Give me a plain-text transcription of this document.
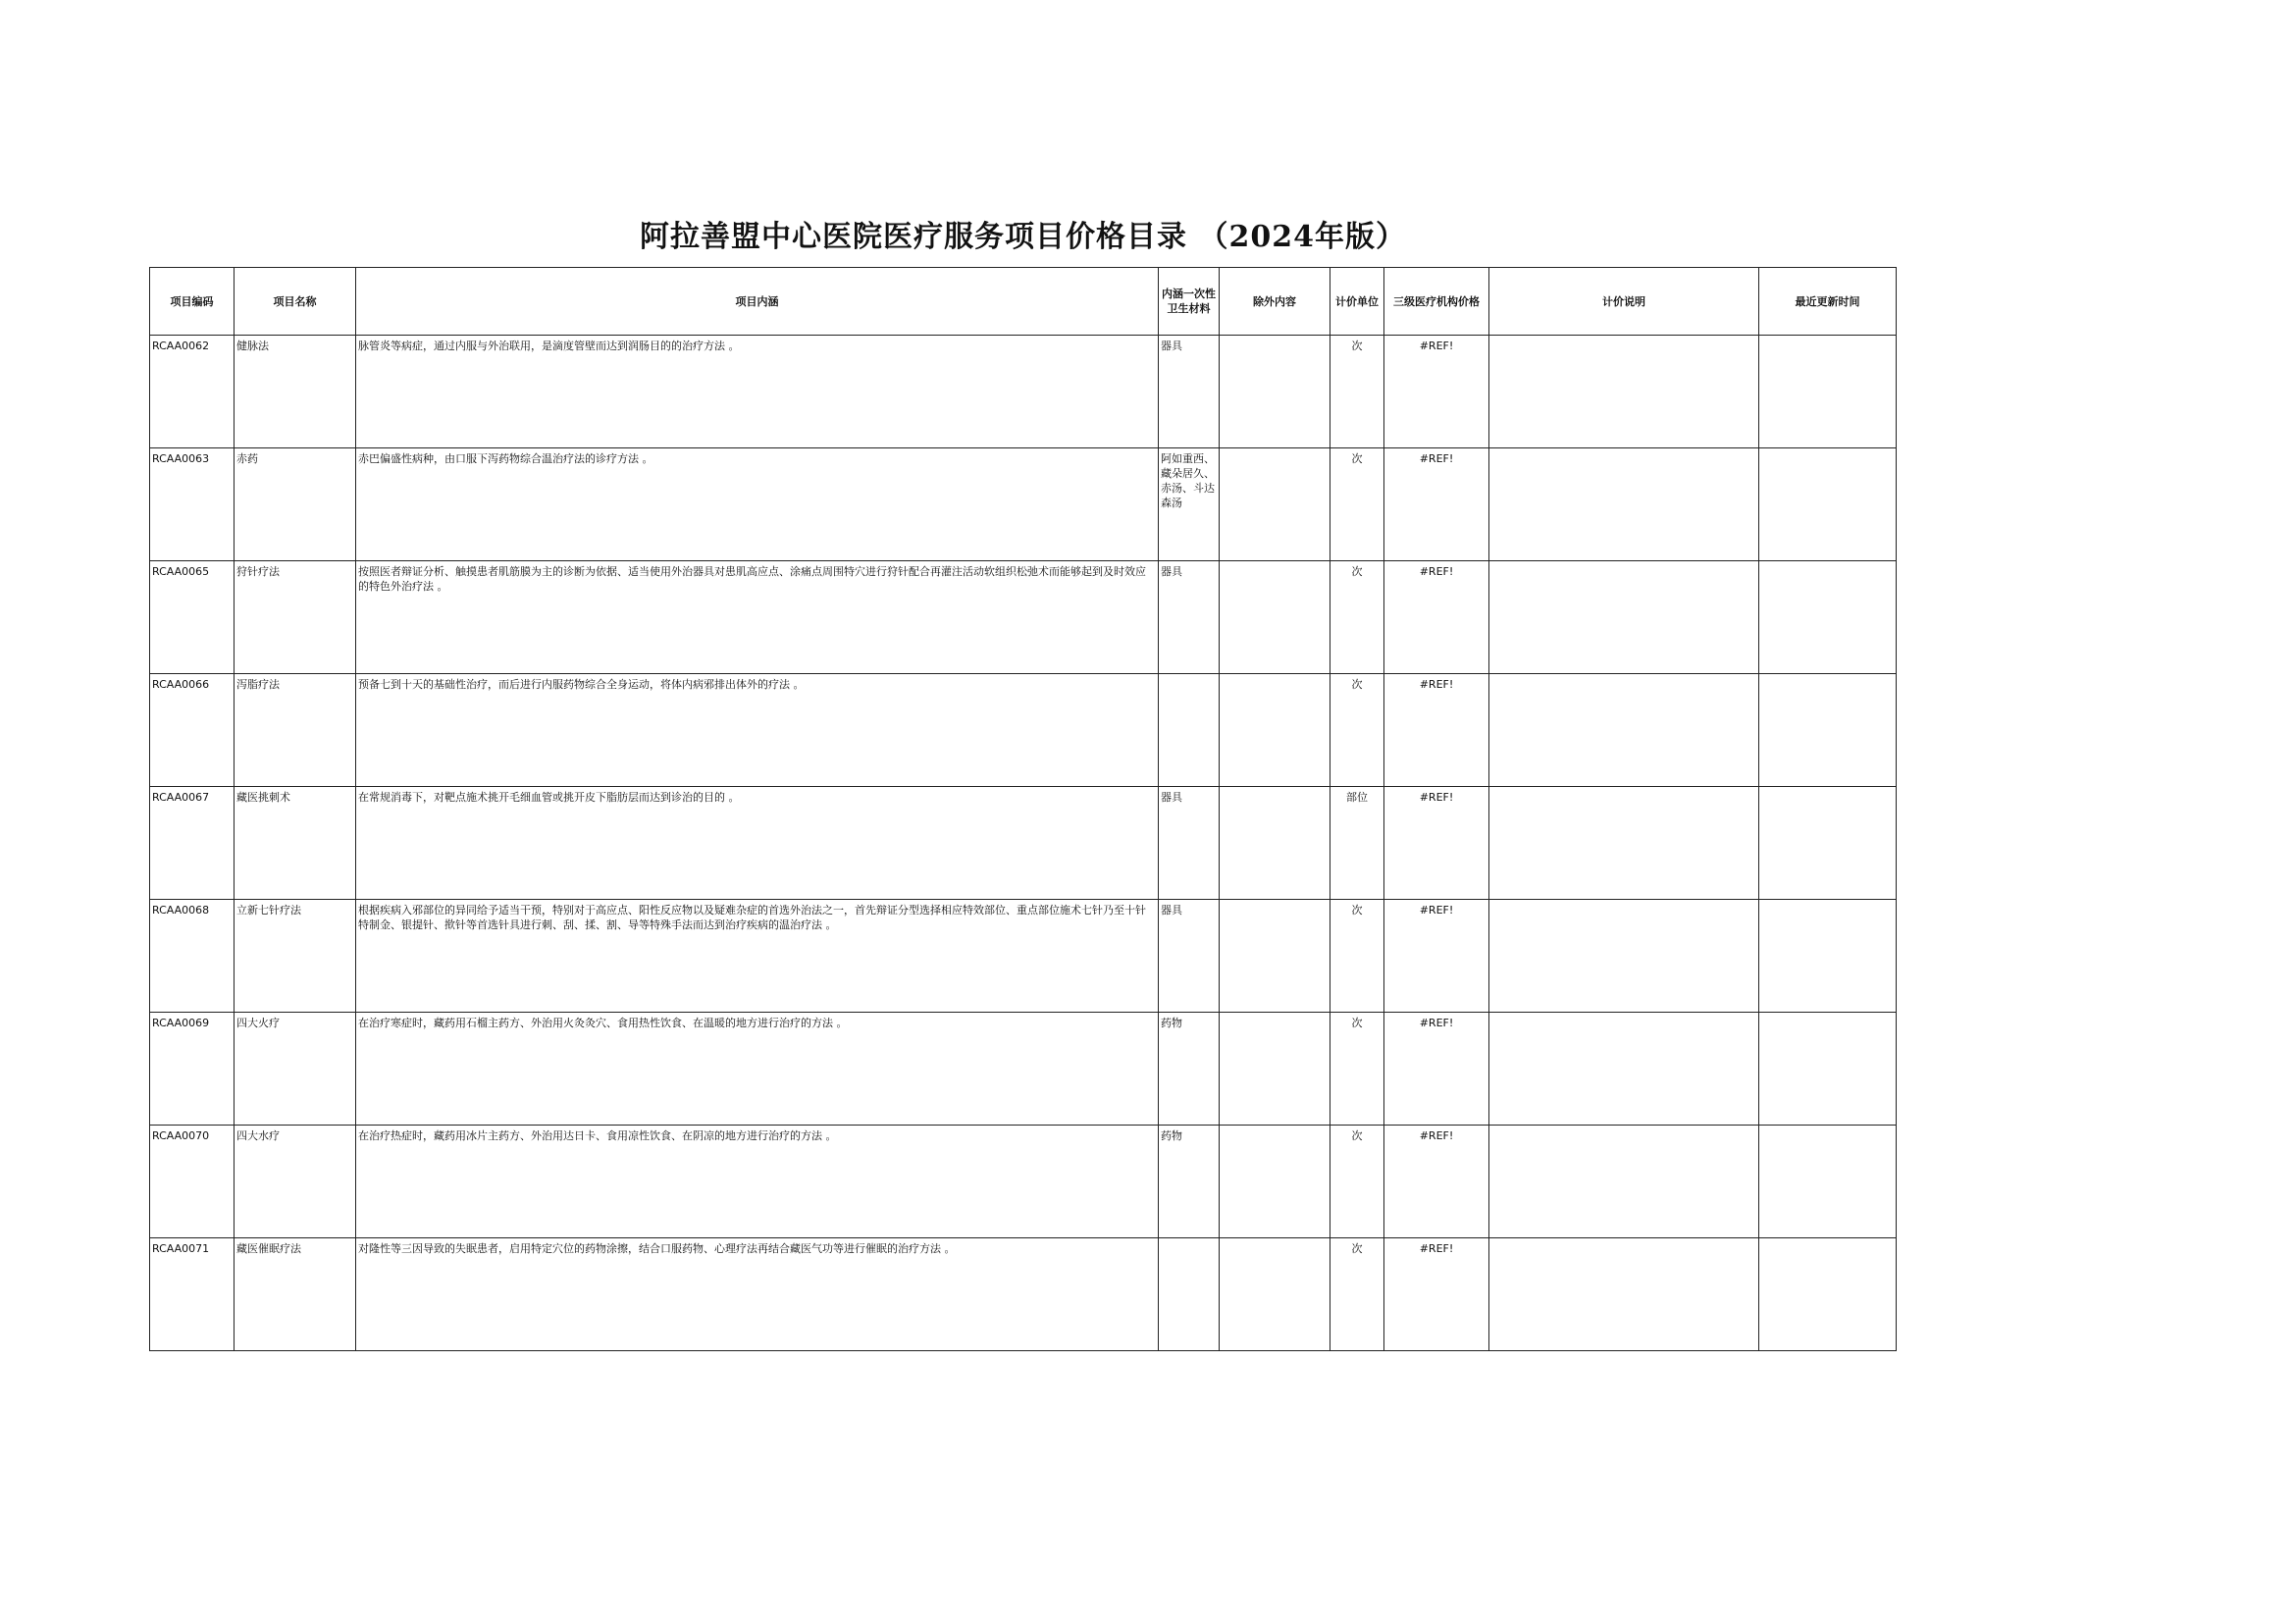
阿拉善盟中心医院医疗服务项目价格目录 （2024年版）
项目编码	项目名称	项目内涵	内涵一次性卫生材料	除外内容	计价单位	三级医疗机构价格	计价说明	最近更新时间
RCAA0062	健脉法	脉管炎等病症，通过内服与外治联用，是滴度管壁而达到润肠目的的治疗方法 。	器具		次	#REF!		
RCAA0063	赤药	赤巴偏盛性病种，由口服下泻药物综合温治疗法的诊疗方法 。	阿如重西、藏朵居久、赤汤、斗达森汤		次	#REF!		
RCAA0065	狩针疗法	按照医者辩证分析、触摸患者肌筋膜为主的诊断为依据、适当使用外治器具对患肌高应点、涂痛点周围特穴进行狩针配合再灌注活动软组织松弛术而能够起到及时效应的特色外治疗法 。	器具		次	#REF!		
RCAA0066	泻脂疗法	预备七到十天的基础性治疗，而后进行内服药物综合全身运动，将体内病邪排出体外的疗法 。			次	#REF!		
RCAA0067	藏医挑刺术	在常规消毒下，对靶点施术挑开毛细血管或挑开皮下脂肪层而达到诊治的目的 。	器具		部位	#REF!		
RCAA0068	立新七针疗法	根据疾病入邪部位的异同给予适当干预，特别对于高应点、阳性反应物以及疑难杂症的首选外治法之一，首先辩证分型选择相应特效部位、重点部位施术七针乃至十针特制金、银提针、揿针等首选针具进行刺、刮、揉、割、导等特殊手法而达到治疗疾病的温治疗法 。	器具		次	#REF!		
RCAA0069	四大火疗	在治疗寒症时，藏药用石榴主药方、外治用火灸灸穴、食用热性饮食、在温暖的地方进行治疗的方法 。	药物		次	#REF!		
RCAA0070	四大水疗	在治疗热症时，藏药用冰片主药方、外治用达日卡、食用凉性饮食、在阴凉的地方进行治疗的方法 。	药物		次	#REF!		
RCAA0071	藏医催眠疗法	对隆性等三因导致的失眠患者，启用特定穴位的药物涂擦，结合口服药物、心理疗法再结合藏医气功等进行催眠的治疗方法 。			次	#REF!		
